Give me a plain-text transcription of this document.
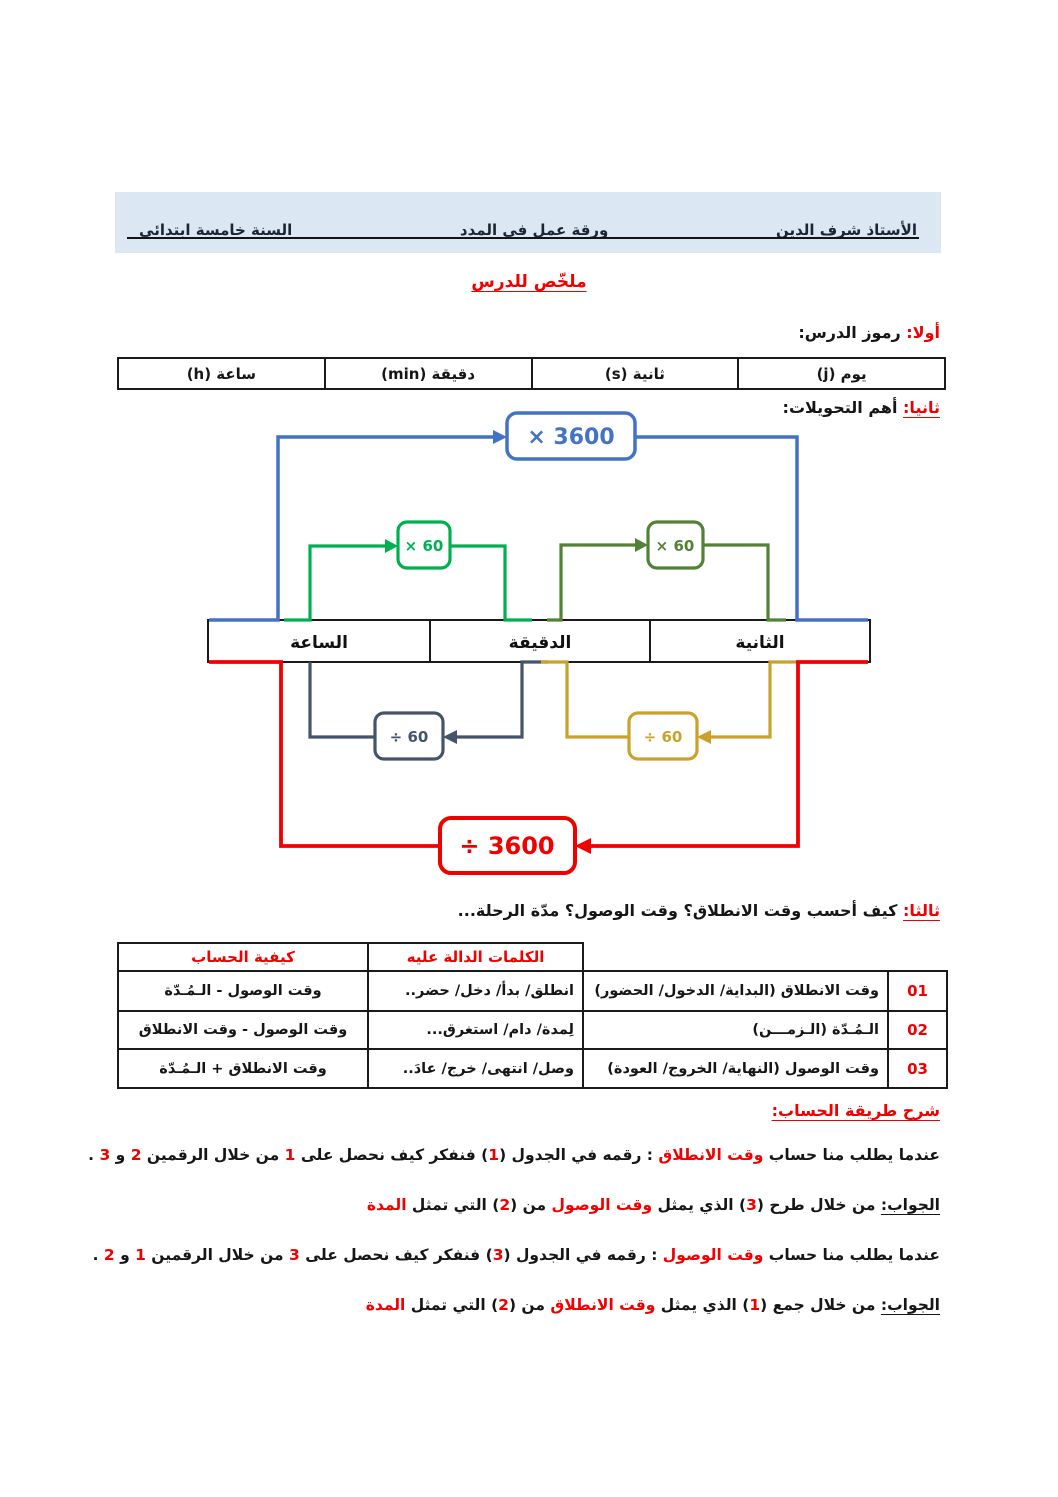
السنة خامسة ابتدائي	ورقة عمل في المدد	الأستاذ شرف الدين
ملخّص للدرس
أولا: رموز الدرس:
يوم (j)	ثانية (s)	دقيقة (min)	ساعة (h)
ثانيا: أهم التحويلات:
× 3600
× 60	× 60
÷ 60	÷ 60
÷ 3600
الساعة	الدقيقة	الثانية
ثالثا: كيف أحسب وقت الانطلاق؟ وقت الوصول؟ مدّة الرحلة...
		الكلمات الدالة عليه	كيفية الحساب
01	وقت الانطلاق (البداية/ الدخول/ الحضور)	انطلق/ بدأ/ دخل/ حضر..	وقت الوصول - الـمُـدّة
02	الـمُـدّة (الـزمـــن)	لِمدة/ دام/ استغرق...	وقت الوصول - وقت الانطلاق
03	وقت الوصول (النهاية/ الخروج/ العودة)	وصل/ انتهى/ خرج/ عادَ..	وقت الانطلاق + الـمُـدّة
شرح طريقة الحساب:
عندما يطلب منا حساب وقت الانطلاق : رقمه في الجدول (1) فنفكر كيف نحصل على 1 من خلال الرقمين 2 و 3 .
الجواب: من خلال طرح (3) الذي يمثل وقت الوصول من (2) التي تمثل المدة
عندما يطلب منا حساب وقت الوصول : رقمه في الجدول (3) فنفكر كيف نحصل على 3 من خلال الرقمين 1 و 2 .
الجواب: من خلال جمع (1) الذي يمثل وقت الانطلاق من (2) التي تمثل المدة
